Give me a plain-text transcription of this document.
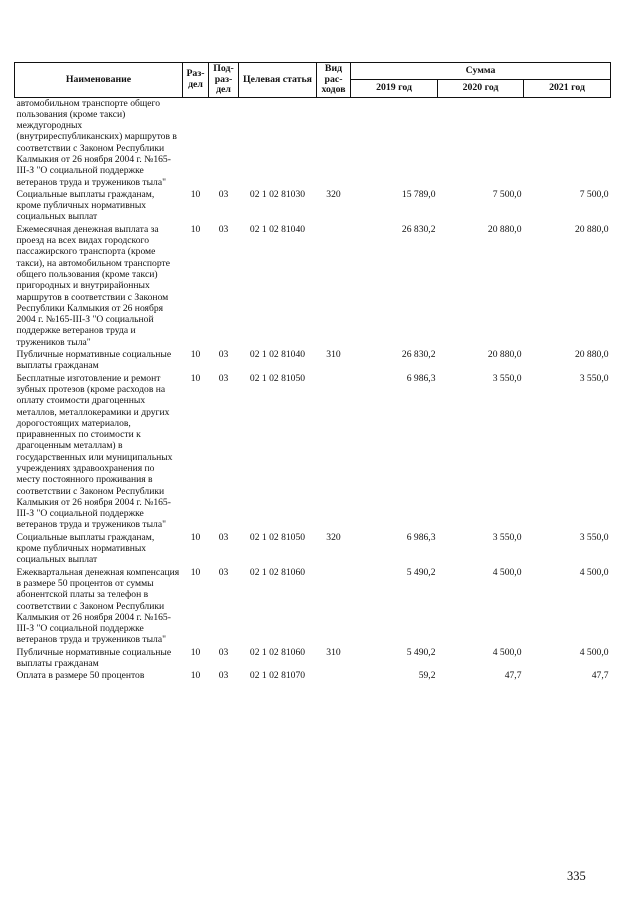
Наименование	Раз-дел	Под-раз-дел	Целевая статья	Вид рас-ходов	Сумма		
					2019 год	2020 год	2021 год
автомобильном транспорте общего пользования (кроме такси) междугородных (внутриреспубликанских) маршрутов в соответствии с Законом Республики Калмыкия от 26 ноября 2004 г. №165-III-З "О социальной поддержке ветеранов труда и тружеников тыла"							
Социальные выплаты гражданам, кроме публичных нормативных социальных выплат	10	03	02 1 02 81030	320	15 789,0	7 500,0	7 500,0
Ежемесячная денежная выплата за проезд на всех видах городского пассажирского транспорта (кроме такси), на автомобильном транспорте общего пользования (кроме такси) пригородных и внутрирайонных маршрутов в соответствии с Законом Республики Калмыкия от 26 ноября 2004 г. №165-III-З "О социальной поддержке ветеранов труда и тружеников тыла"	10	03	02 1 02 81040		26 830,2	20 880,0	20 880,0
Публичные нормативные социальные выплаты гражданам	10	03	02 1 02 81040	310	26 830,2	20 880,0	20 880,0
Бесплатные изготовление и ремонт зубных протезов (кроме расходов на оплату стоимости драгоценных металлов, металлокерамики и других дорогостоящих материалов, приравненных по стоимости к драгоценным металлам) в государственных или муниципальных учреждениях здравоохранения по месту постоянного проживания в соответствии с Законом Республики Калмыкия от 26 ноября 2004 г. №165-III-З "О социальной поддержке ветеранов труда и тружеников тыла"	10	03	02 1 02 81050		6 986,3	3 550,0	3 550,0
Социальные выплаты гражданам, кроме публичных нормативных социальных выплат	10	03	02 1 02 81050	320	6 986,3	3 550,0	3 550,0
Ежеквартальная денежная компенсация в размере 50 процентов от суммы абонентской платы за телефон в соответствии с Законом Республики Калмыкия от 26 ноября 2004 г. №165-III-З "О социальной поддержке ветеранов труда и тружеников тыла"	10	03	02 1 02 81060		5 490,2	4 500,0	4 500,0
Публичные нормативные социальные выплаты гражданам	10	03	02 1 02 81060	310	5 490,2	4 500,0	4 500,0
Оплата в размере 50 процентов	10	03	02 1 02 81070		59,2	47,7	47,7
335
